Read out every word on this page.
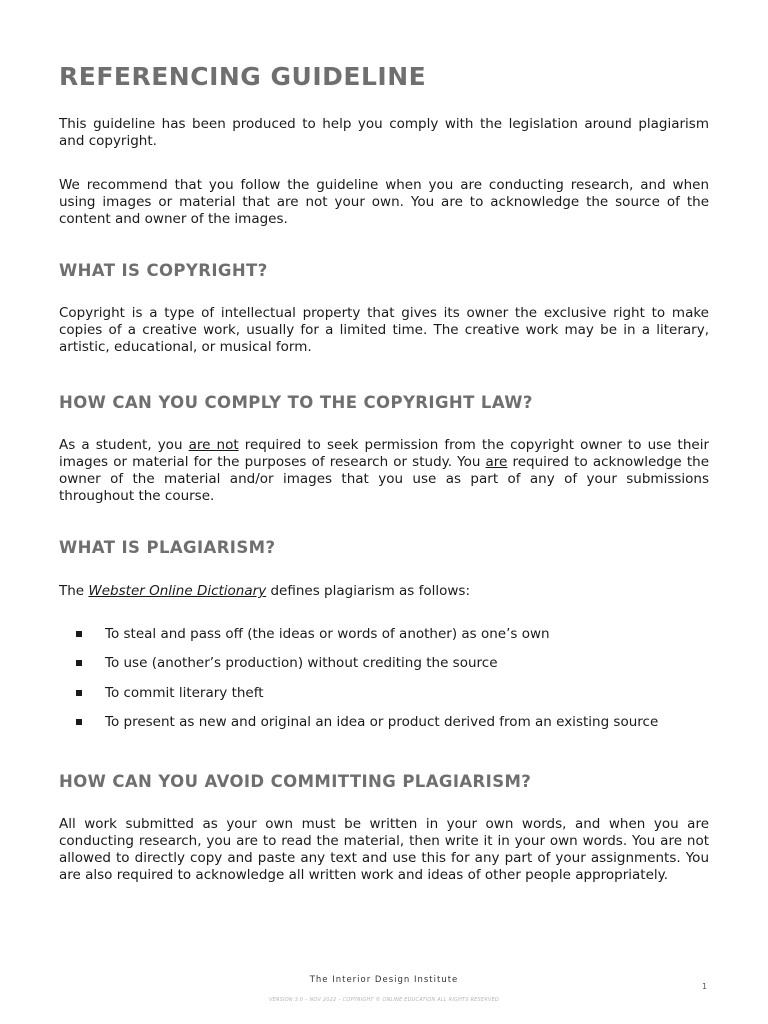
REFERENCING GUIDELINE

This guideline has been produced to help you comply with the legislation around plagiarism and copyright.

We recommend that you follow the guideline when you are conducting research, and when using images or material that are not your own. You are to acknowledge the source of the content and owner of the images.

WHAT IS COPYRIGHT?

Copyright is a type of intellectual property that gives its owner the exclusive right to make copies of a creative work, usually for a limited time. The creative work may be in a literary, artistic, educational, or musical form.

HOW CAN YOU COMPLY TO THE COPYRIGHT LAW?

As a student, you are not required to seek permission from the copyright owner to use their images or material for the purposes of research or study. You are required to acknowledge the owner of the material and/or images that you use as part of any of your submissions throughout the course.

WHAT IS PLAGIARISM?

The Webster Online Dictionary defines plagiarism as follows:

To steal and pass off (the ideas or words of another) as one’s own
To use (another’s production) without crediting the source
To commit literary theft
To present as new and original an idea or product derived from an existing source
HOW CAN YOU AVOID COMMITTING PLAGIARISM?

All work submitted as your own must be written in your own words, and when you are conducting research, you are to read the material, then write it in your own words. You are not allowed to directly copy and paste any text and use this for any part of your assignments. You are also required to acknowledge all written work and ideas of other people appropriately.

The Interior Design Institute
1
VERSION 3.0 – NOV 2022 – COPYRIGHT © ONLINE EDUCATION ALL RIGHTS RESERVED
